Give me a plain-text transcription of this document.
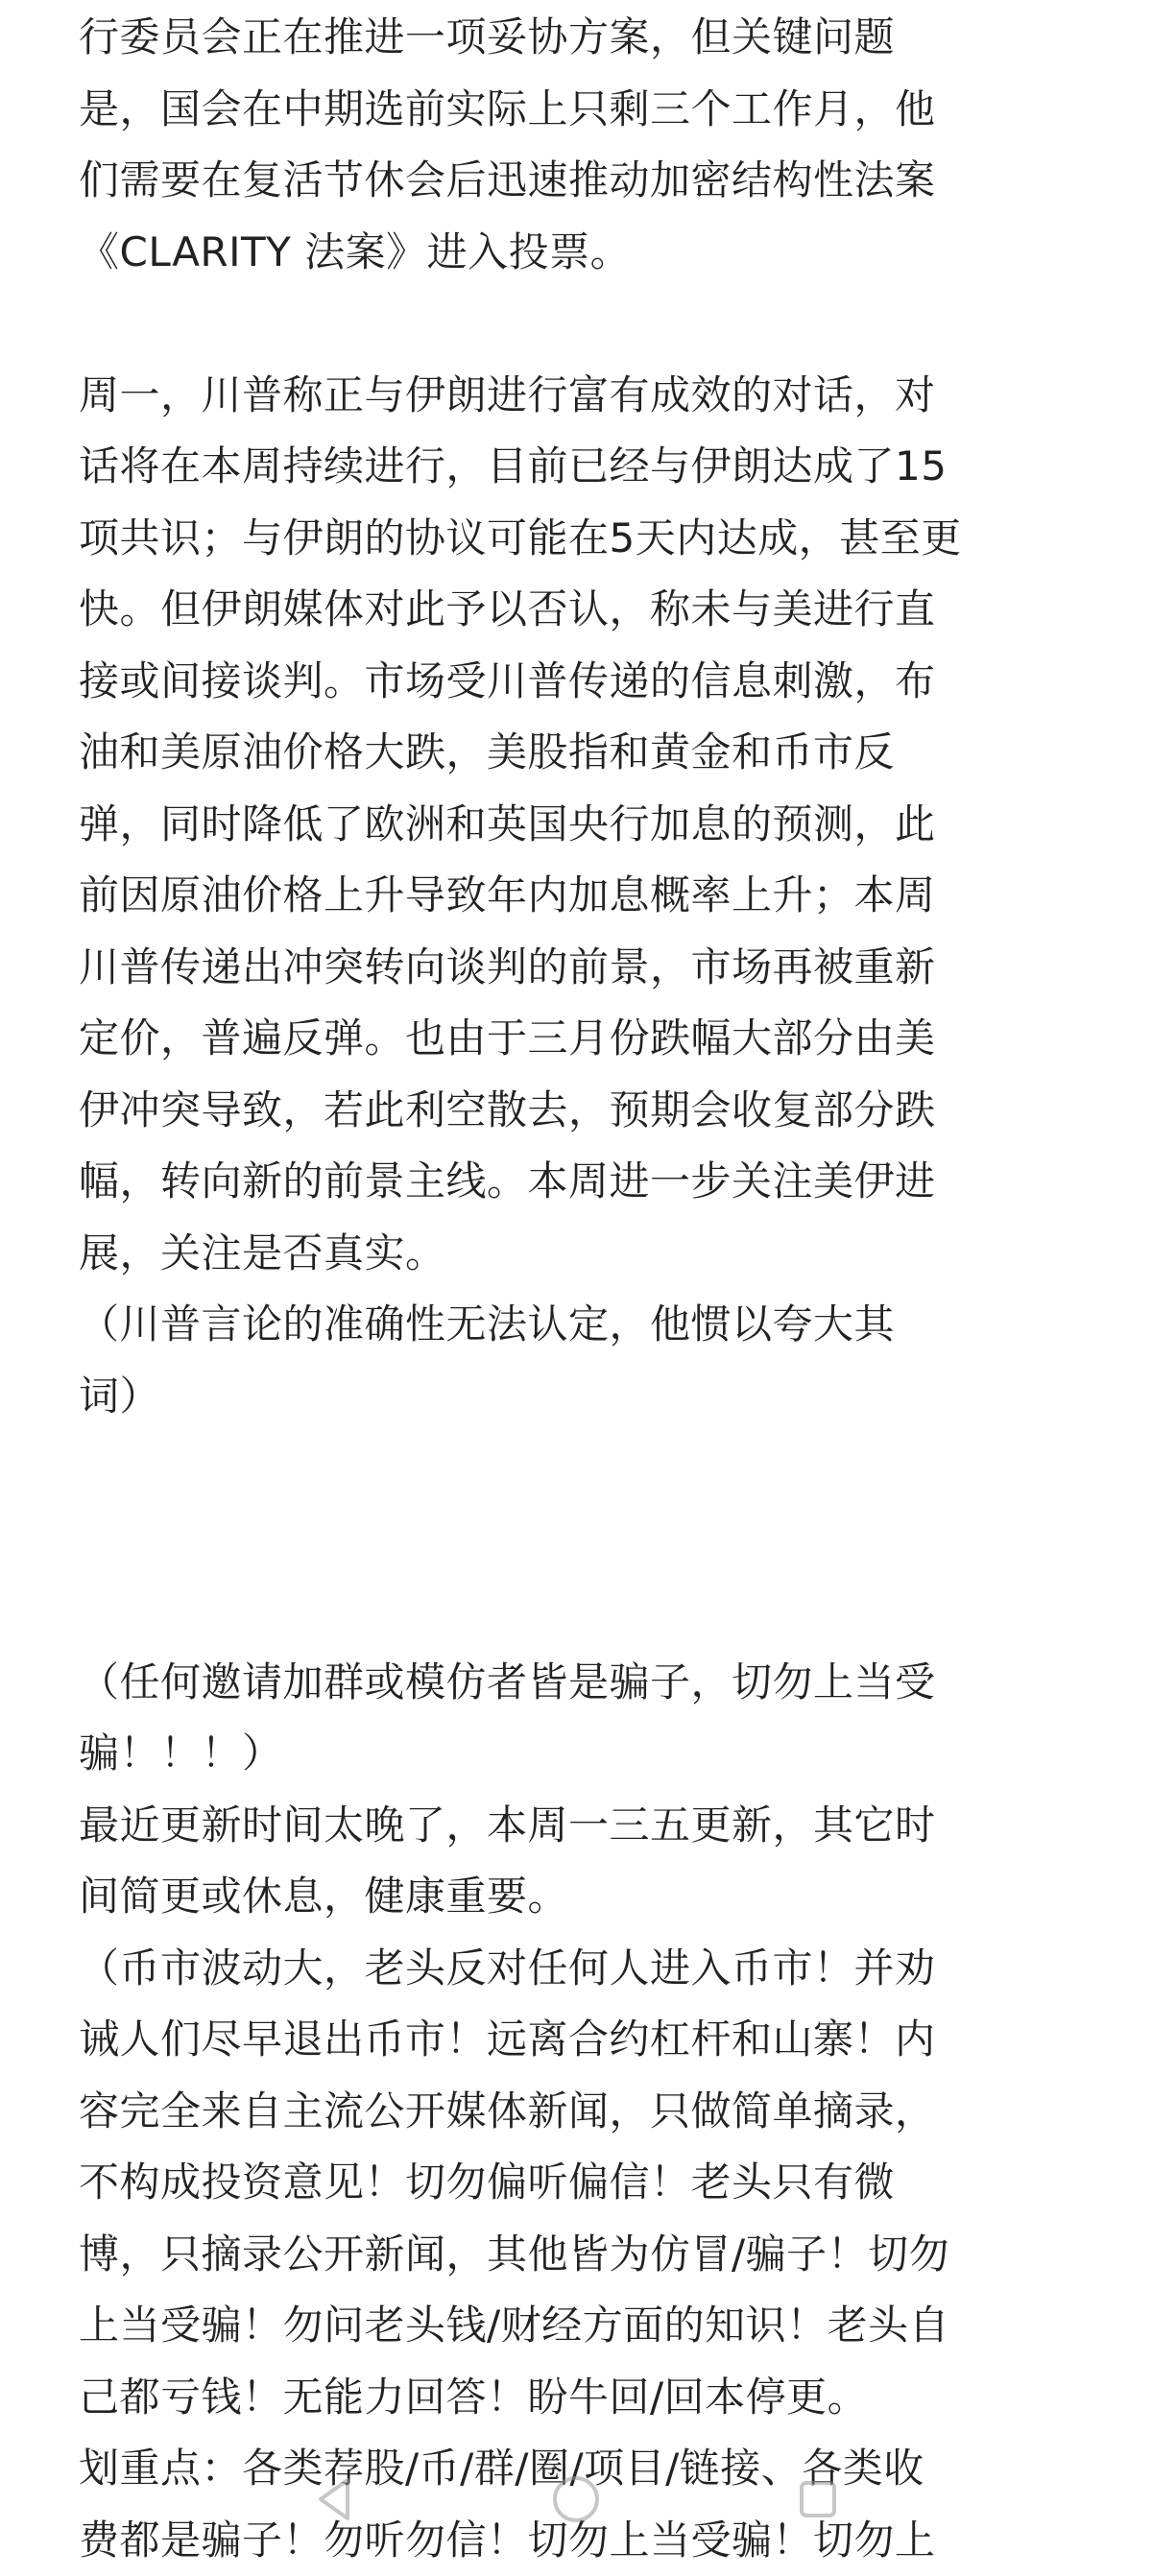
行委员会正在推进一项妥协方案，但关键问题
是，国会在中期选前实际上只剩三个工作月，他
们需要在复活节休会后迅速推动加密结构性法案
《CLARITY 法案》进入投票。
周一，川普称正与伊朗进行富有成效的对话，对
话将在本周持续进行，目前已经与伊朗达成了15
项共识；与伊朗的协议可能在5天内达成，甚至更
快。但伊朗媒体对此予以否认，称未与美进行直
接或间接谈判。市场受川普传递的信息刺激，布
油和美原油价格大跌，美股指和黄金和币市反
弹，同时降低了欧洲和英国央行加息的预测，此
前因原油价格上升导致年内加息概率上升；本周
川普传递出冲突转向谈判的前景，市场再被重新
定价，普遍反弹。也由于三月份跌幅大部分由美
伊冲突导致，若此利空散去，预期会收复部分跌
幅，转向新的前景主线。本周进一步关注美伊进
展，关注是否真实。
（川普言论的准确性无法认定，他惯以夸大其
词）
（任何邀请加群或模仿者皆是骗子，切勿上当受
骗！！！）
最近更新时间太晚了，本周一三五更新，其它时
间简更或休息，健康重要。
（币市波动大，老头反对任何人进入币市！并劝
诫人们尽早退出币市！远离合约杠杆和山寨！内
容完全来自主流公开媒体新闻，只做简单摘录，
不构成投资意见！切勿偏听偏信！老头只有微
博，只摘录公开新闻，其他皆为仿冒/骗子！切勿
上当受骗！勿问老头钱/财经方面的知识！老头自
己都亏钱！无能力回答！盼牛回/回本停更。
划重点：各类荐股/币/群/圈/项目/链接、各类收
费都是骗子！勿听勿信！切勿上当受骗！切勿上
